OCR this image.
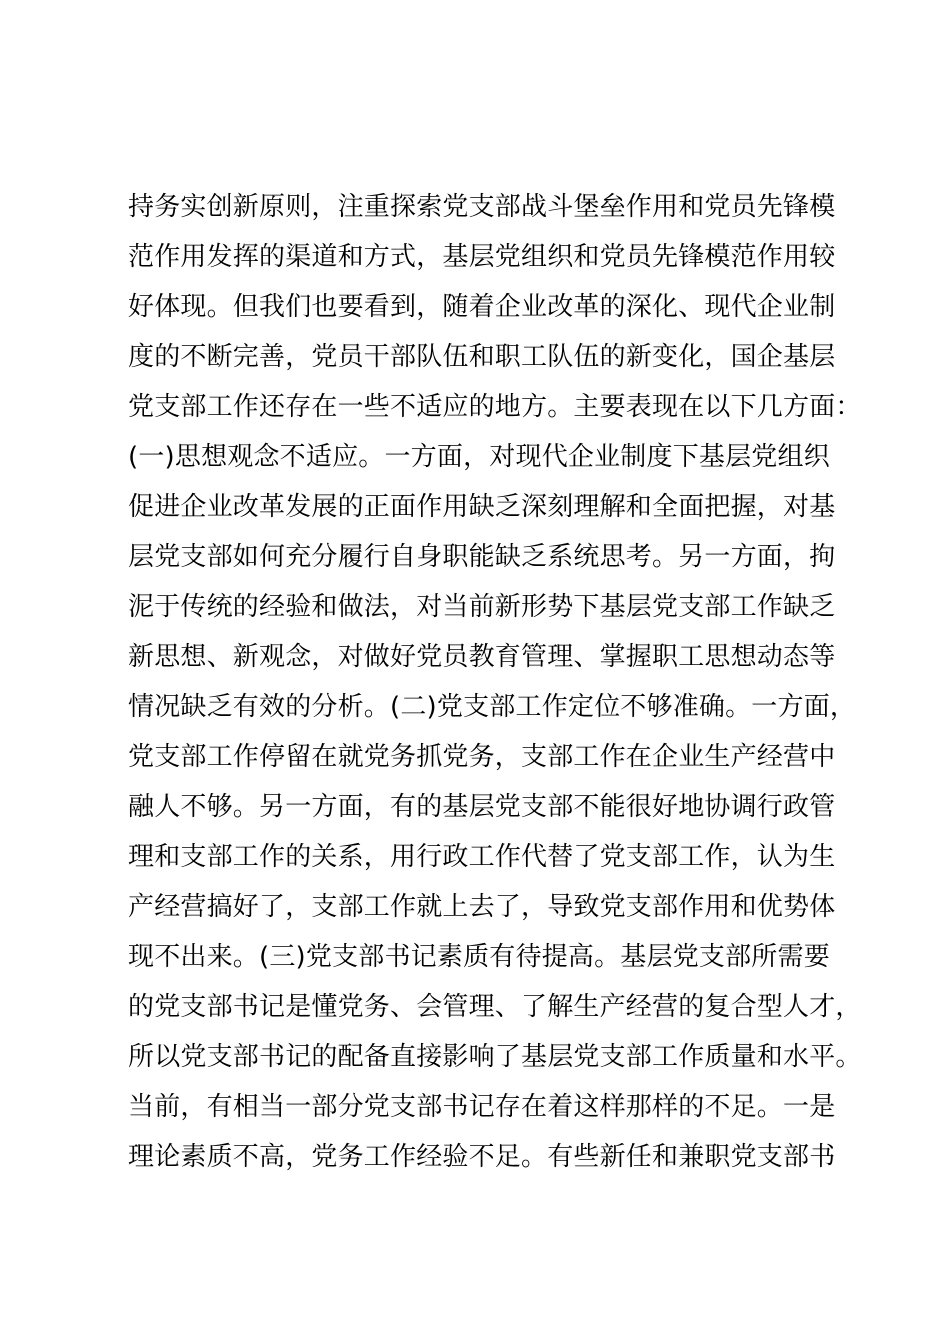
持务实创新原则，注重探索党支部战斗堡垒作用和党员先锋模
范作用发挥的渠道和方式，基层党组织和党员先锋模范作用较
好体现。但我们也要看到，随着企业改革的深化、现代企业制
度的不断完善，党员干部队伍和职工队伍的新变化，国企基层
党支部工作还存在一些不适应的地方。主要表现在以下几方面：
(一)思想观念不适应。一方面，对现代企业制度下基层党组织
促进企业改革发展的正面作用缺乏深刻理解和全面把握，对基
层党支部如何充分履行自身职能缺乏系统思考。另一方面，拘
泥于传统的经验和做法，对当前新形势下基层党支部工作缺乏
新思想、新观念，对做好党员教育管理、掌握职工思想动态等
情况缺乏有效的分析。(二)党支部工作定位不够准确。一方面，
党支部工作停留在就党务抓党务，支部工作在企业生产经营中
融人不够。另一方面，有的基层党支部不能很好地协调行政管
理和支部工作的关系，用行政工作代替了党支部工作，认为生
产经营搞好了，支部工作就上去了，导致党支部作用和优势体
现不出来。(三)党支部书记素质有待提高。基层党支部所需要
的党支部书记是懂党务、会管理、了解生产经营的复合型人才，
所以党支部书记的配备直接影响了基层党支部工作质量和水平。
当前，有相当一部分党支部书记存在着这样那样的不足。一是
理论素质不高，党务工作经验不足。有些新任和兼职党支部书
